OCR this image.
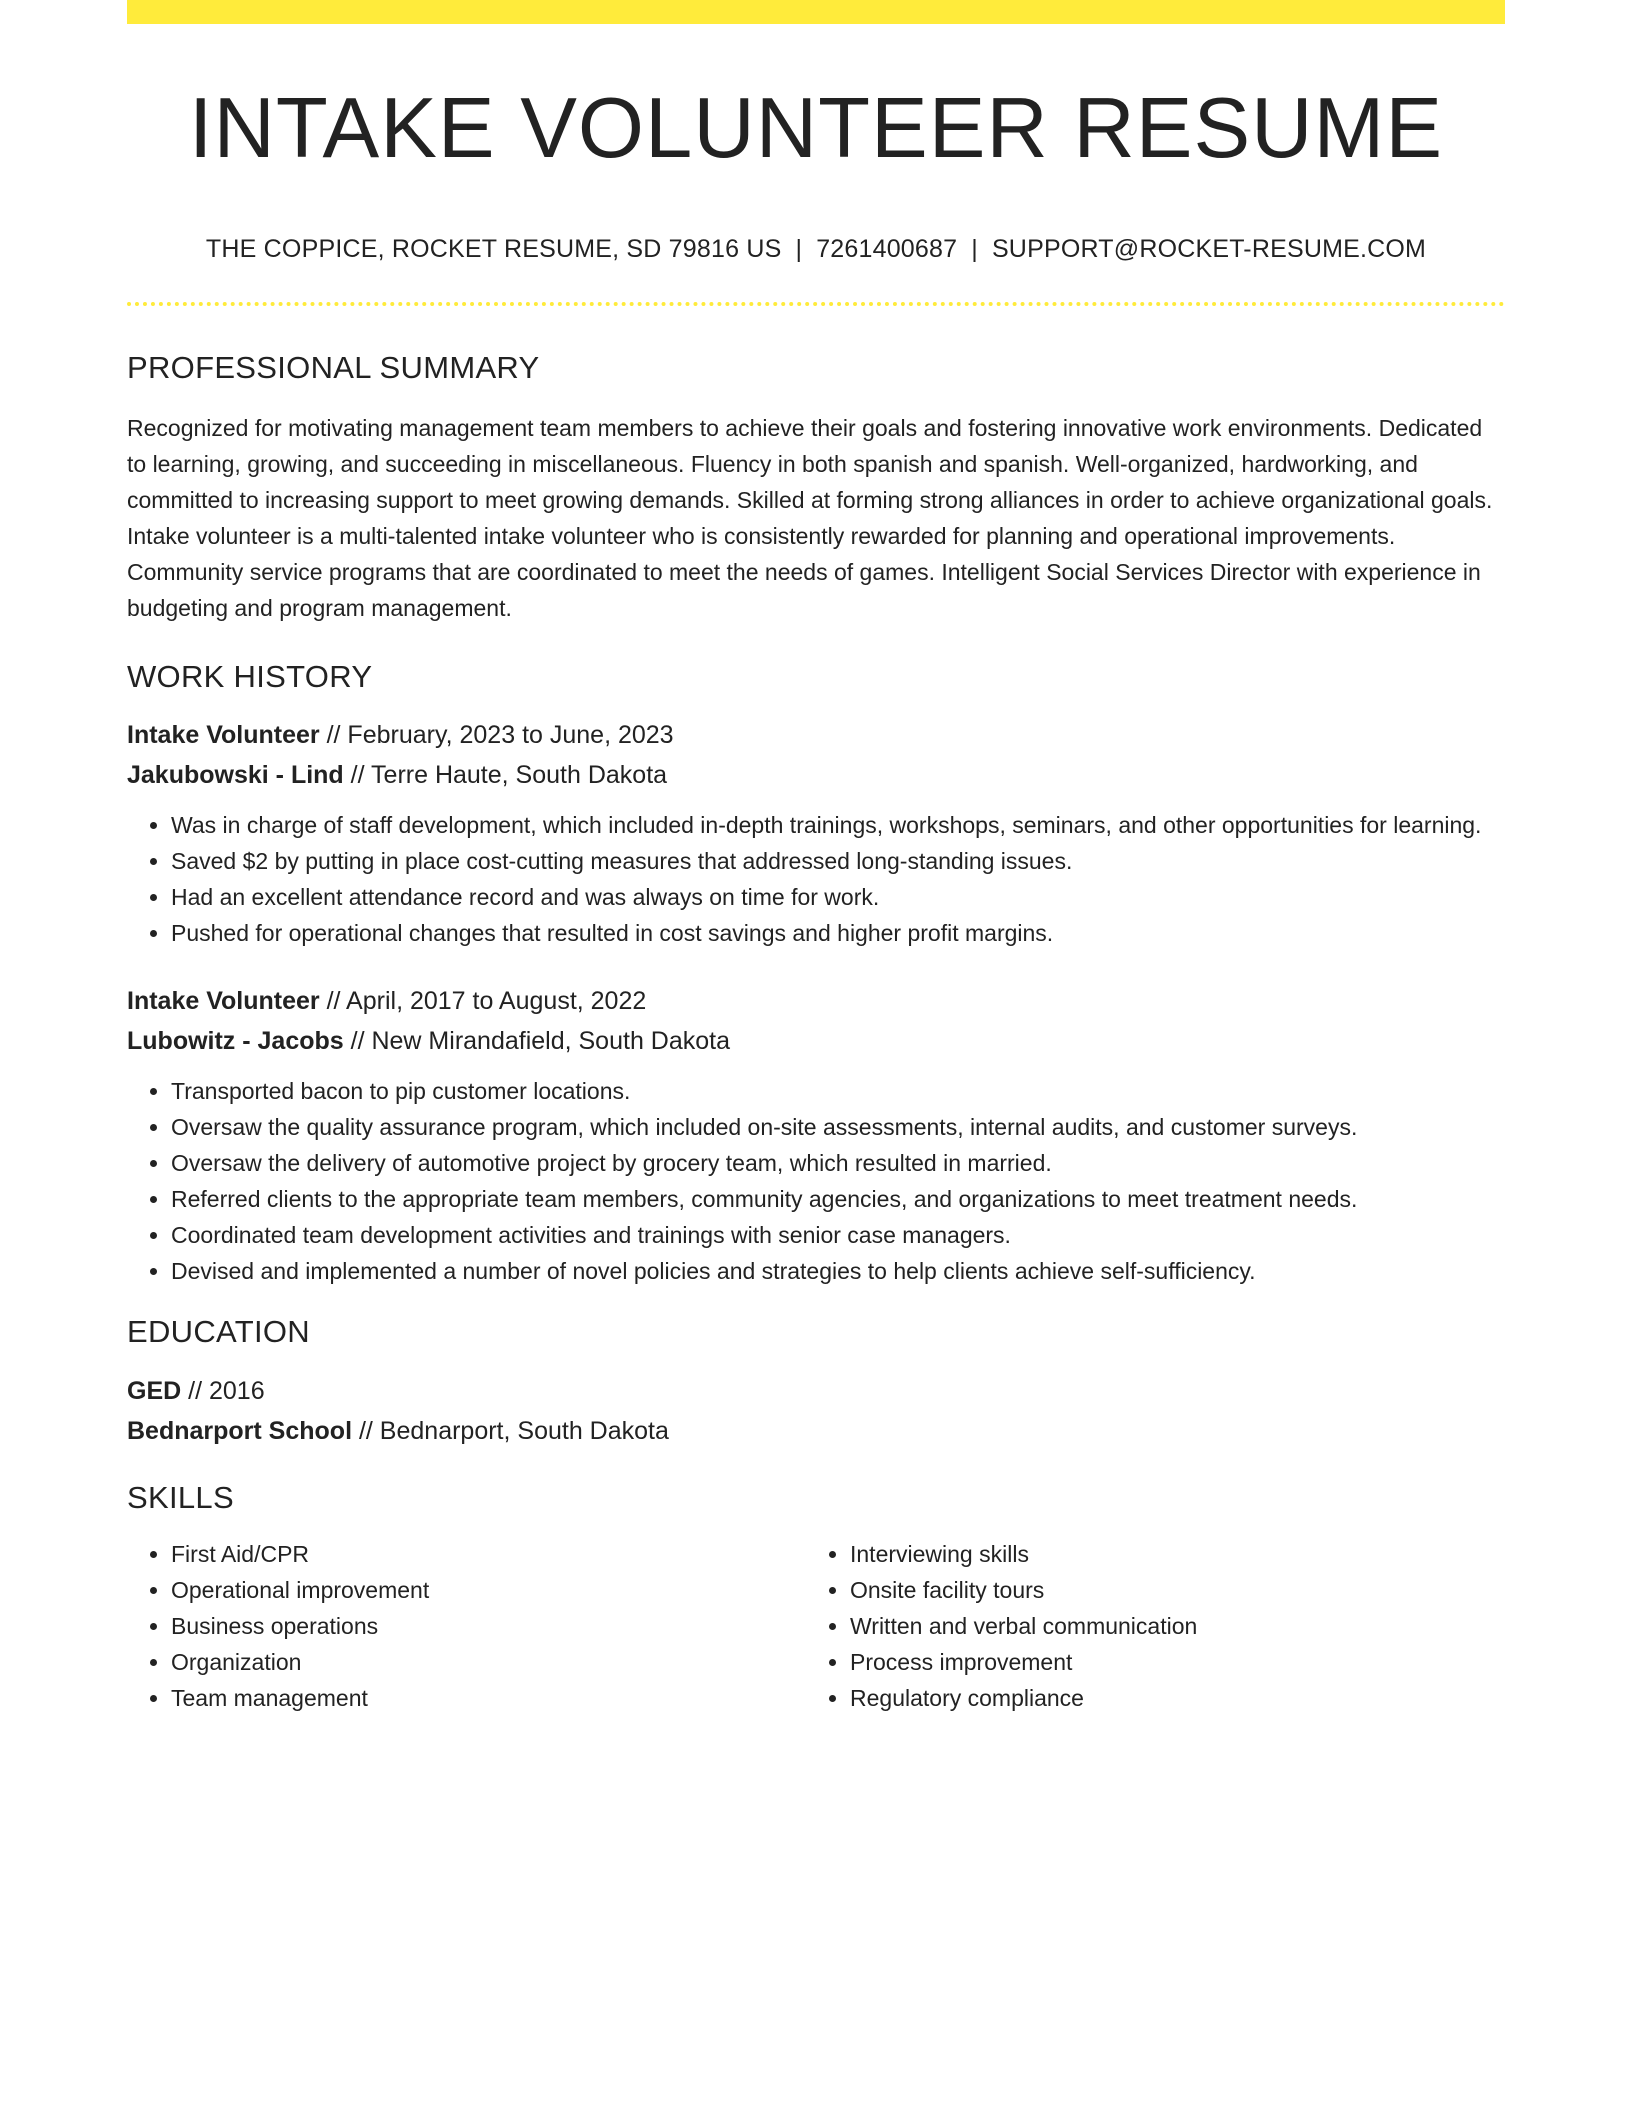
INTAKE VOLUNTEER RESUME
THE COPPICE, ROCKET RESUME, SD 79816 US | 7261400687 | SUPPORT@ROCKET-RESUME.COM
PROFESSIONAL SUMMARY
Recognized for motivating management team members to achieve their goals and fostering innovative work environments. Dedicated to learning, growing, and succeeding in miscellaneous. Fluency in both spanish and spanish. Well-organized, hardworking, and committed to increasing support to meet growing demands. Skilled at forming strong alliances in order to achieve organizational goals. Intake volunteer is a multi-talented intake volunteer who is consistently rewarded for planning and operational improvements. Community service programs that are coordinated to meet the needs of games. Intelligent Social Services Director with experience in budgeting and program management.
WORK HISTORY
Intake Volunteer // February, 2023 to June, 2023
Jakubowski - Lind // Terre Haute, South Dakota
• Was in charge of staff development, which included in-depth trainings, workshops, seminars, and other opportunities for learning.
• Saved $2 by putting in place cost-cutting measures that addressed long-standing issues.
• Had an excellent attendance record and was always on time for work.
• Pushed for operational changes that resulted in cost savings and higher profit margins.
Intake Volunteer // April, 2017 to August, 2022
Lubowitz - Jacobs // New Mirandafield, South Dakota
• Transported bacon to pip customer locations.
• Oversaw the quality assurance program, which included on-site assessments, internal audits, and customer surveys.
• Oversaw the delivery of automotive project by grocery team, which resulted in married.
• Referred clients to the appropriate team members, community agencies, and organizations to meet treatment needs.
• Coordinated team development activities and trainings with senior case managers.
• Devised and implemented a number of novel policies and strategies to help clients achieve self-sufficiency.
EDUCATION
GED // 2016
Bednarport School // Bednarport, South Dakota
SKILLS
• First Aid/CPR
• Operational improvement
• Business operations
• Organization
• Team management
• Interviewing skills
• Onsite facility tours
• Written and verbal communication
• Process improvement
• Regulatory compliance
